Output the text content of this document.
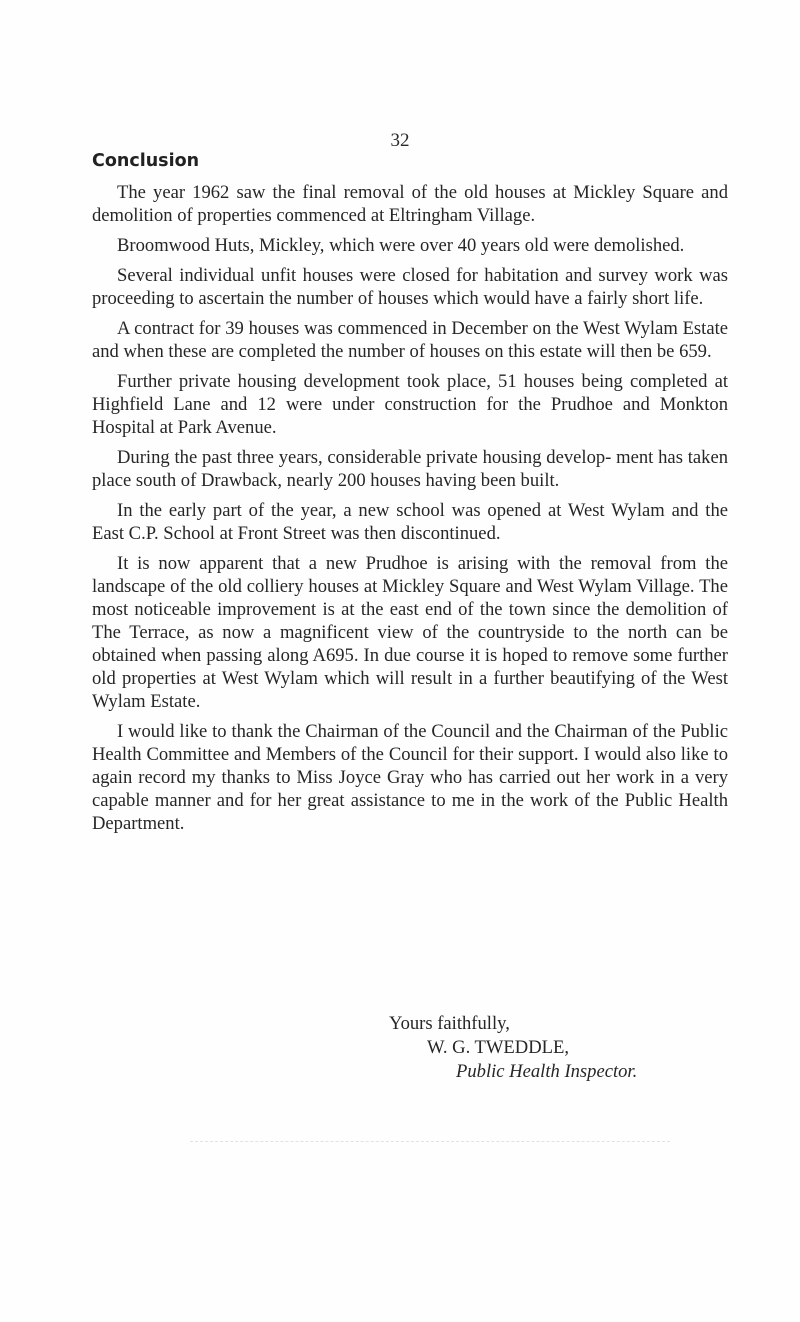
32
Conclusion

The year 1962 saw the final removal of the old houses at Mickley Square and demolition of properties commenced at Eltringham Village.

Broomwood Huts, Mickley, which were over 40 years old were demolished.

Several individual unfit houses were closed for habitation and survey work was proceeding to ascertain the number of houses which would have a fairly short life.

A contract for 39 houses was commenced in December on the West Wylam Estate and when these are completed the number of houses on this estate will then be 659.

Further private housing development took place, 51 houses being completed at Highfield Lane and 12 were under construction for the Prudhoe and Monkton Hospital at Park Avenue.

During the past three years, considerable private housing develop- ment has taken place south of Drawback, nearly 200 houses having been built.

In the early part of the year, a new school was opened at West Wylam and the East C.P. School at Front Street was then discontinued.

It is now apparent that a new Prudhoe is arising with the removal from the landscape of the old colliery houses at Mickley Square and West Wylam Village. The most noticeable improvement is at the east end of the town since the demolition of The Terrace, as now a magnificent view of the countryside to the north can be obtained when passing along A695. In due course it is hoped to remove some further old properties at West Wylam which will result in a further beautifying of the West Wylam Estate.

I would like to thank the Chairman of the Council and the Chairman of the Public Health Committee and Members of the Council for their support. I would also like to again record my thanks to Miss Joyce Gray who has carried out her work in a very capable manner and for her great assistance to me in the work of the Public Health Department.

Yours faithfully,
W. G. TWEDDLE,
Public Health Inspector.
